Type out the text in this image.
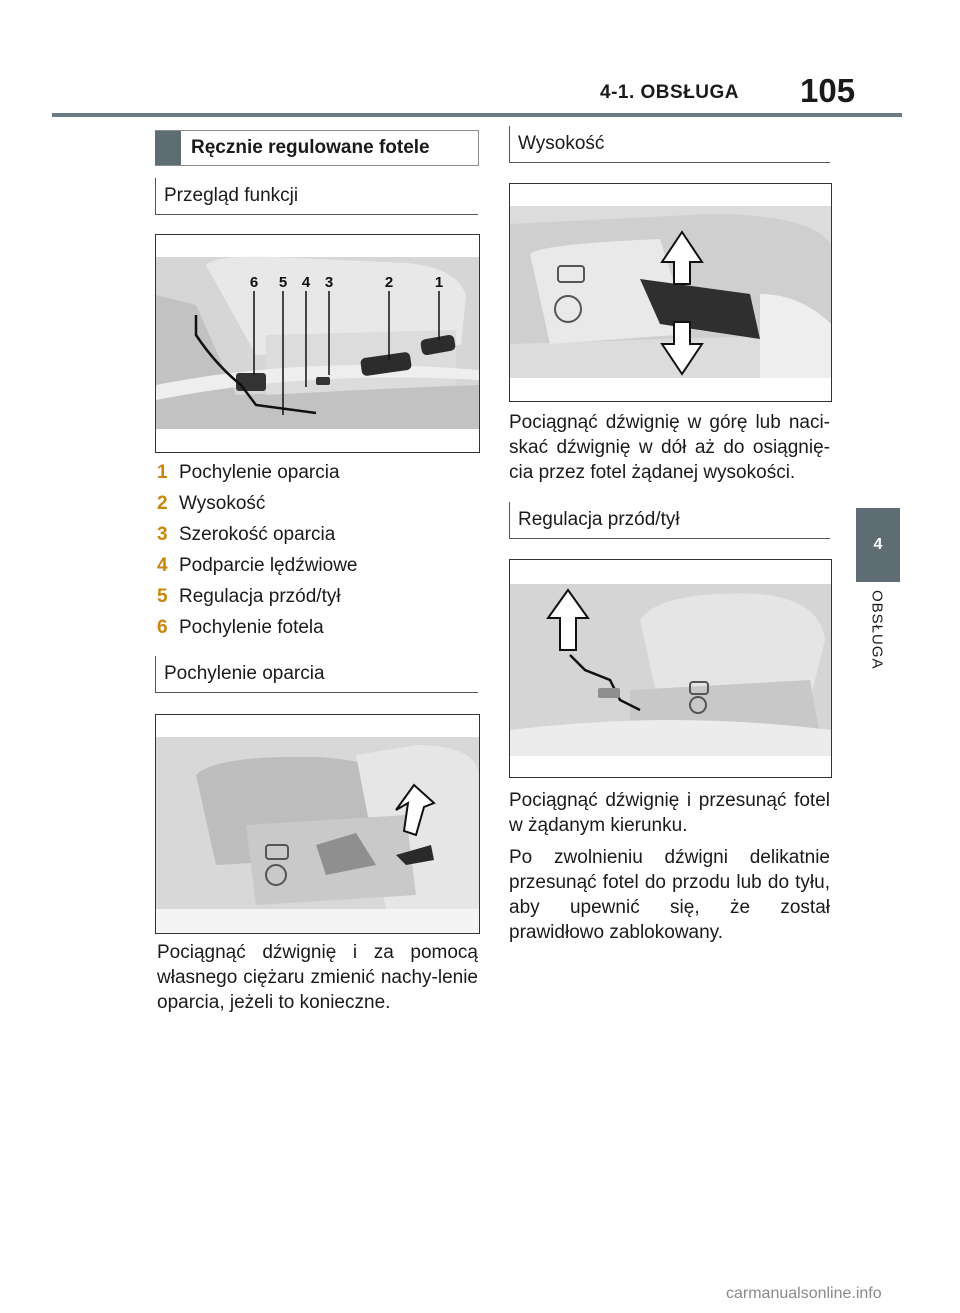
4-1. OBSŁUGA 105
4
OBSŁUGA
Ręcznie regulowane fotele
Przegląd funkcji
6 5 4 3	2	1
1 Pochylenie oparcia
2 Wysokość
3 Szerokość oparcia
4 Podparcie lędźwiowe
5 Regulacja przód/tył
6 Pochylenie fotela
Pochylenie oparcia
Pociągnąć dźwignię i za pomocą własnego ciężaru zmienić nachy-lenie oparcia, jeżeli to konieczne.
Wysokość
Pociągnąć dźwignię w górę lub naci-skać dźwignię w dół aż do osiągnię-cia przez fotel żądanej wysokości.
Regulacja przód/tył
Pociągnąć dźwignię i przesunąć fotel w żądanym kierunku.
Po zwolnieniu dźwigni delikatnie przesunąć fotel do przodu lub do tyłu, aby upewnić się, że został prawidłowo zablokowany.
carmanualsonline.info
